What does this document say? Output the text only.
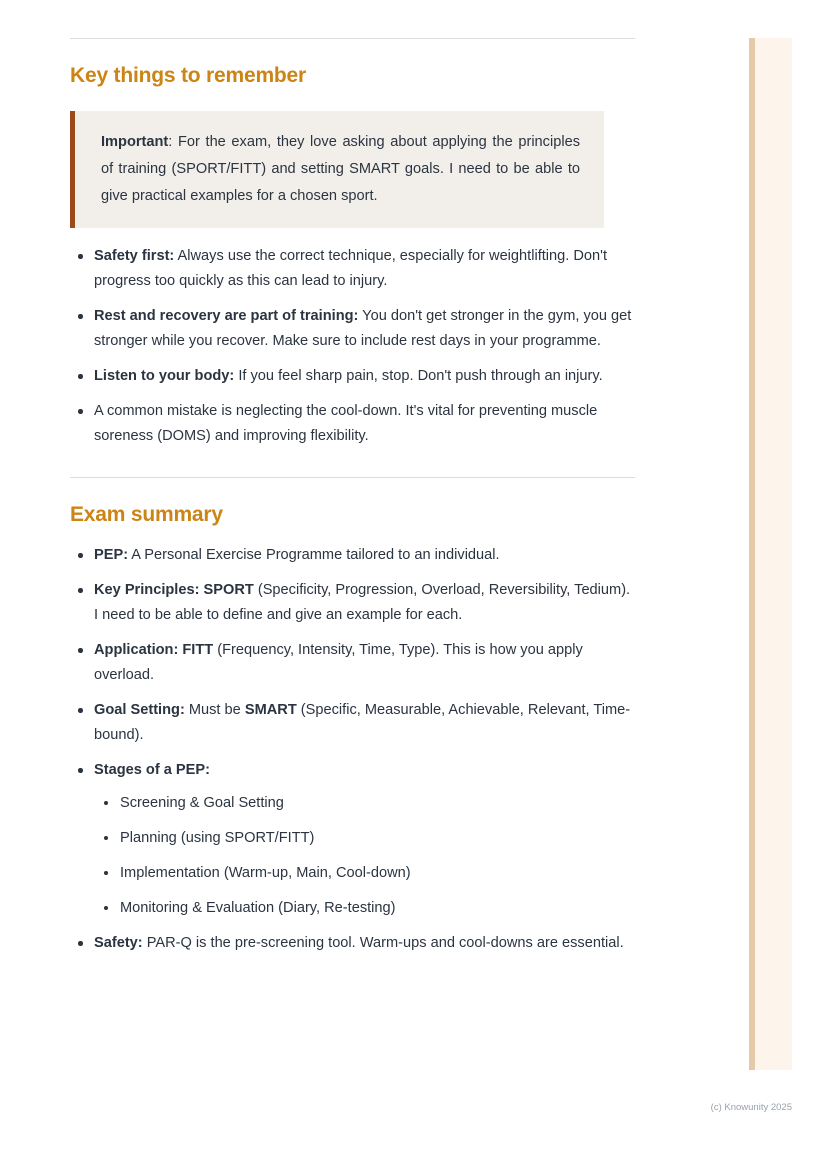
Key things to remember

Important: For the exam, they love asking about applying the principles of training (SPORT/FITT) and setting SMART goals. I need to be able to give practical examples for a chosen sport.

Safety first: Always use the correct technique, especially for weightlifting. Don't progress too quickly as this can lead to injury.
Rest and recovery are part of training: You don't get stronger in the gym, you get stronger while you recover. Make sure to include rest days in your programme.
Listen to your body: If you feel sharp pain, stop. Don't push through an injury.
A common mistake is neglecting the cool-down. It's vital for preventing muscle soreness (DOMS) and improving flexibility.
Exam summary
PEP: A Personal Exercise Programme tailored to an individual.
Key Principles: SPORT (Specificity, Progression, Overload, Reversibility, Tedium). I need to be able to define and give an example for each.
Application: FITT (Frequency, Intensity, Time, Type). This is how you apply overload.
Goal Setting: Must be SMART (Specific, Measurable, Achievable, Relevant, Time-bound).
Stages of a PEP:
Screening & Goal Setting
Planning (using SPORT/FITT)
Implementation (Warm-up, Main, Cool-down)
Monitoring & Evaluation (Diary, Re-testing)
Safety: PAR-Q is the pre-screening tool. Warm-ups and cool-downs are essential.
(c) Knowunity 2025
